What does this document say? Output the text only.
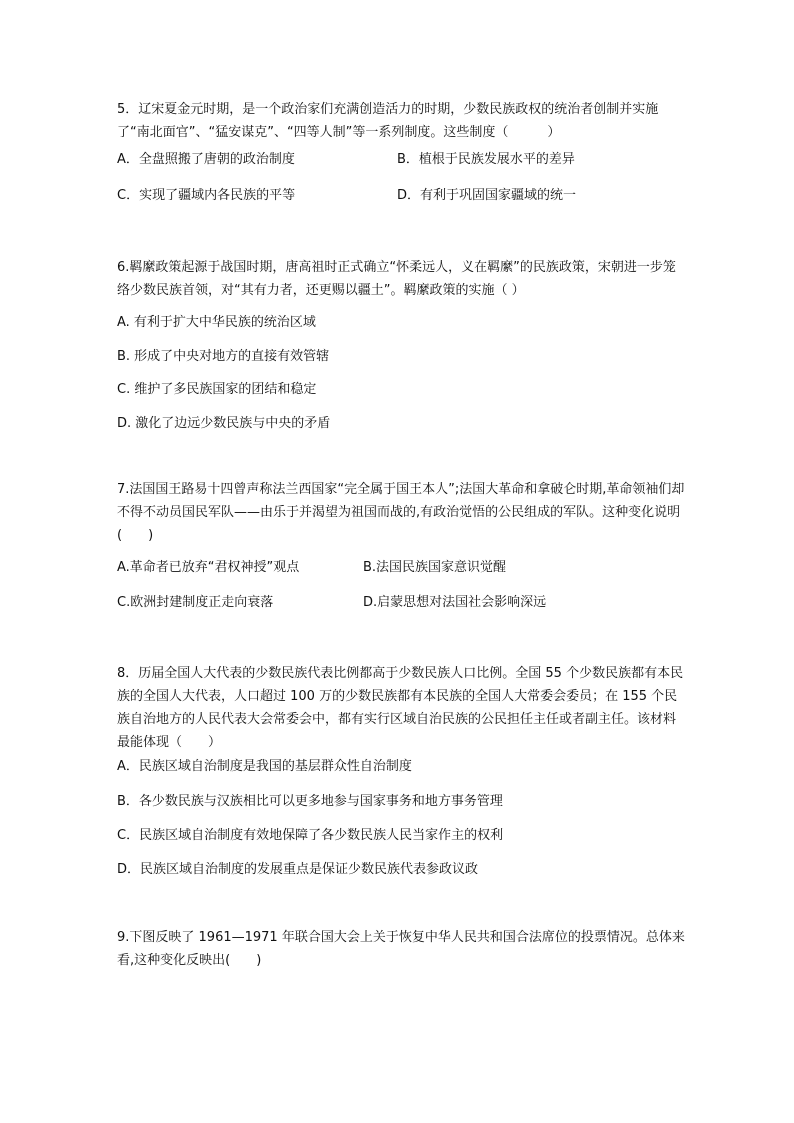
5．辽宋夏金元时期，是一个政治家们充满创造活力的时期，少数民族政权的统治者创制并实施了“南北面官”、“猛安谋克”、“四等人制”等一系列制度。这些制度（　　　）

A．全盘照搬了唐朝的政治制度	B．植根于民族发展水平的差异
C．实现了疆域内各民族的平等	D．有利于巩固国家疆域的统一

6.羁縻政策起源于战国时期，唐高祖时正式确立“怀柔远人，义在羁縻”的民族政策，宋朝进一步笼络少数民族首领，对“其有力者，还更赐以疆土”。羁縻政策的实施（ ）

A. 有利于扩大中华民族的统治区域
B. 形成了中央对地方的直接有效管辖
C. 维护了多民族国家的团结和稳定
D. 激化了边远少数民族与中央的矛盾

7.法国国王路易十四曾声称法兰西国家“完全属于国王本人”;法国大革命和拿破仑时期,革命领袖们却不得不动员国民军队——由乐于并渴望为祖国而战的,有政治觉悟的公民组成的军队。这种变化说明(　　)

A.革命者已放弃“君权神授”观点	B.法国民族国家意识觉醒
C.欧洲封建制度正走向衰落	D.启蒙思想对法国社会影响深远

8．历届全国人大代表的少数民族代表比例都高于少数民族人口比例。全国 55 个少数民族都有本民族的全国人大代表，人口超过 100 万的少数民族都有本民族的全国人大常委会委员；在 155 个民族自治地方的人民代表大会常委会中，都有实行区域自治民族的公民担任主任或者副主任。该材料最能体现（　　）

A．民族区域自治制度是我国的基层群众性自治制度
B．各少数民族与汉族相比可以更多地参与国家事务和地方事务管理
C．民族区域自治制度有效地保障了各少数民族人民当家作主的权利
D．民族区域自治制度的发展重点是保证少数民族代表参政议政

9.下图反映了 1961—1971 年联合国大会上关于恢复中华人民共和国合法席位的投票情况。总体来看,这种变化反映出(　　)
